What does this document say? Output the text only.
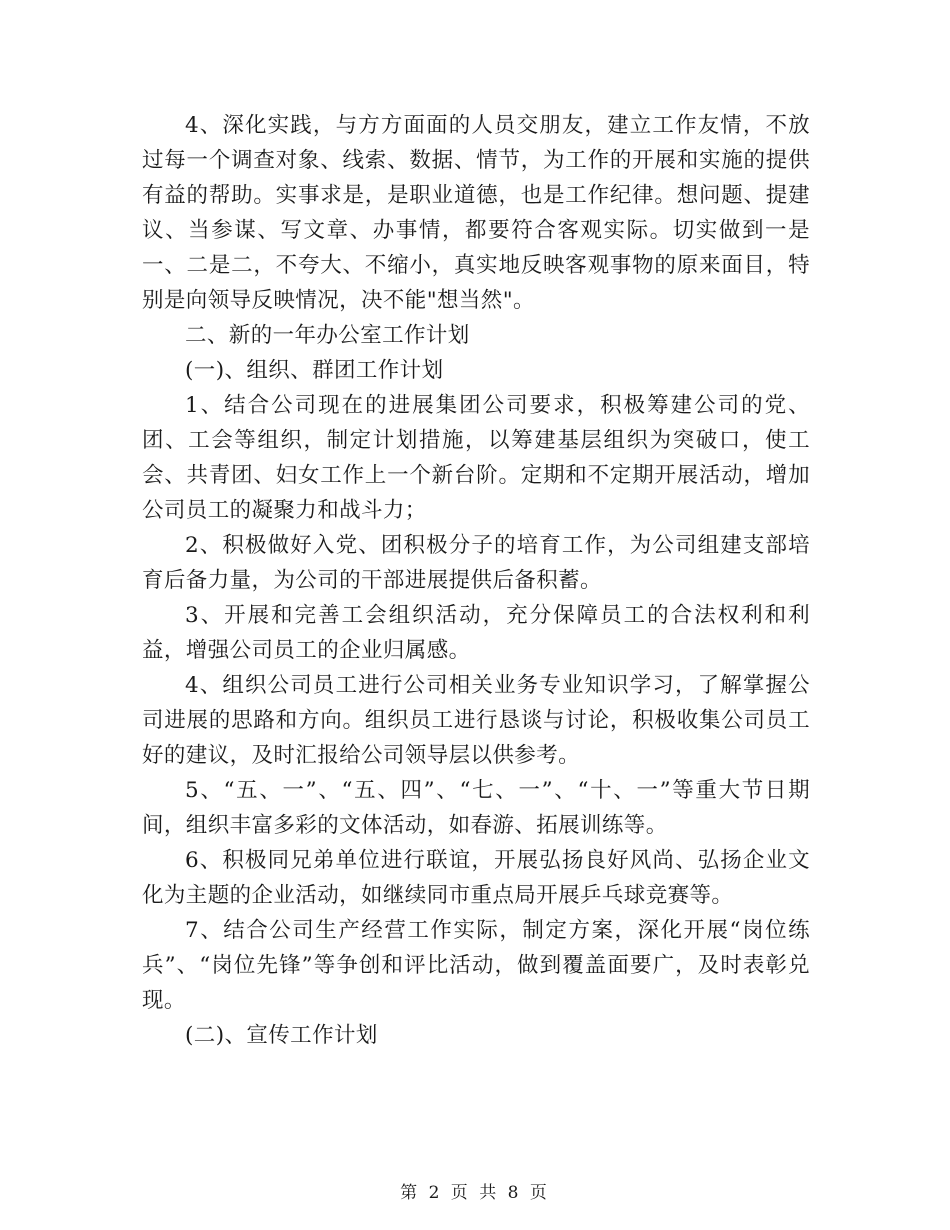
4、深化实践，与方方面面的人员交朋友，建立工作友情，不放过每一个调查对象、线索、数据、情节，为工作的开展和实施的提供有益的帮助。实事求是，是职业道德，也是工作纪律。想问题、提建议、当参谋、写文章、办事情，都要符合客观实际。切实做到一是一、二是二，不夸大、不缩小，真实地反映客观事物的原来面目，特别是向领导反映情况，决不能"想当然"。

二、新的一年办公室工作计划

(一)、组织、群团工作计划

1、结合公司现在的进展集团公司要求，积极筹建公司的党、团、工会等组织，制定计划措施，以筹建基层组织为突破口，使工会、共青团、妇女工作上一个新台阶。定期和不定期开展活动，增加公司员工的凝聚力和战斗力；

2、积极做好入党、团积极分子的培育工作，为公司组建支部培育后备力量，为公司的干部进展提供后备积蓄。

3、开展和完善工会组织活动，充分保障员工的合法权利和利益，增强公司员工的企业归属感。

4、组织公司员工进行公司相关业务专业知识学习，了解掌握公司进展的思路和方向。组织员工进行恳谈与讨论，积极收集公司员工好的建议，及时汇报给公司领导层以供参考。

5、“五、一”、“五、四”、“七、一”、“十、一”等重大节日期间，组织丰富多彩的文体活动，如春游、拓展训练等。

6、积极同兄弟单位进行联谊，开展弘扬良好风尚、弘扬企业文化为主题的企业活动，如继续同市重点局开展乒乓球竞赛等。

7、结合公司生产经营工作实际，制定方案，深化开展“岗位练兵”、“岗位先锋”等争创和评比活动，做到覆盖面要广，及时表彰兑现。

(二)、宣传工作计划

第 2 页 共 8 页
